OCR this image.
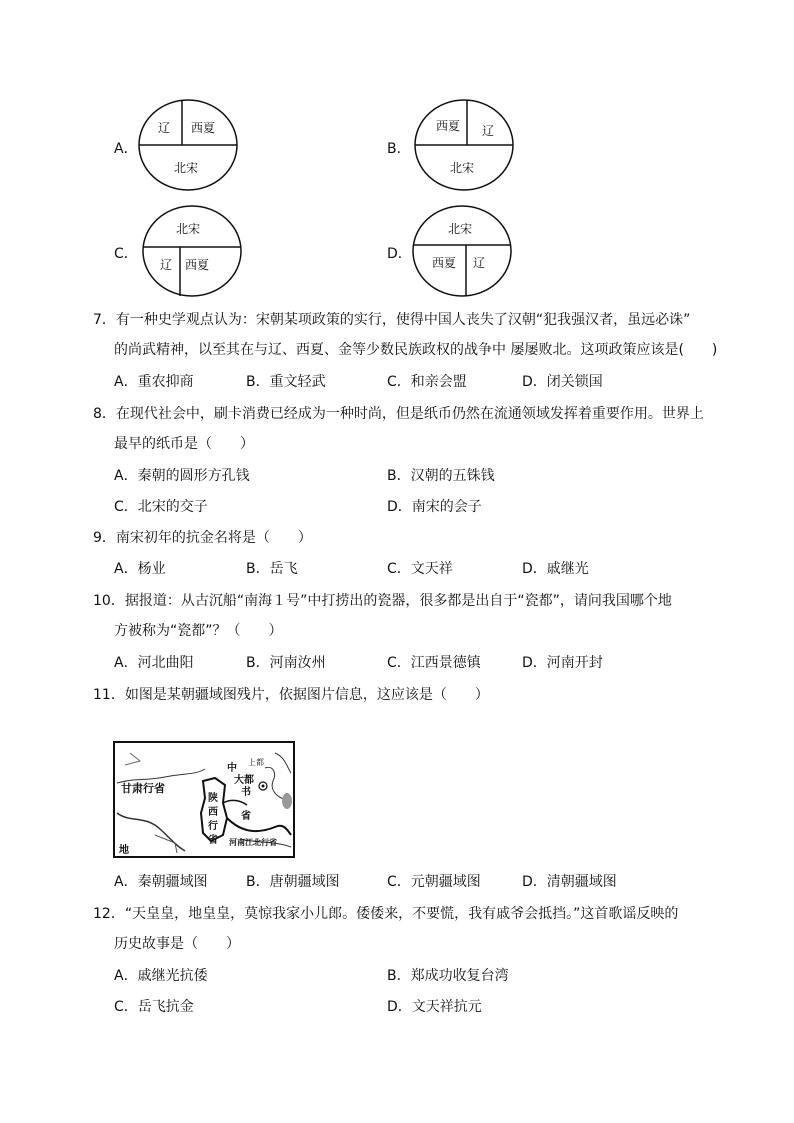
A．
辽 西夏
北宋
B．
西夏 辽
北宋
C．
北宋
辽 西夏
D．
北宋
西夏 辽
7．有一种史学观点认为：宋朝某项政策的实行，使得中国人丧失了汉朝“犯我强汉者，虽远必诛”
的尚武精神，以至其在与辽、西夏、金等少数民族政权的战争中 屡屡败北。这项政策应该是(　　)
A．重农抑商	B．重文轻武	C．和亲会盟	D．闭关锁国
8．在现代社会中，刷卡消费已经成为一种时尚，但是纸币仍然在流通领域发挥着重要作用。世界上
最早的纸币是（　　）
A．秦朝的圆形方孔钱	B．汉朝的五铢钱
C．北宋的交子	D．南宋的会子
9．南宋初年的抗金名将是（　　）
A．杨业	B．岳飞	C．文天祥	D．戚继光
10．据报道：从古沉船“南海１号”中打捞出的瓷器，很多都是出自于“瓷都”，请问我国哪个地
方被称为“瓷都”？（　　）
A．河北曲阳	B．河南汝州	C．江西景德镇	D．河南开封
11．如图是某朝疆域图残片，依据图片信息，这应该是（　　）
甘肃行省
陕
西
行
省
中
大都
书
省
上都
河南江北行省
地
A．秦朝疆域图	B．唐朝疆域图	C．元朝疆域图	D．清朝疆域图
12．“天皇皇，地皇皇，莫惊我家小儿郎。倭倭来，不要慌，我有戚爷会抵挡。”这首歌谣反映的
历史故事是（　　）
A．戚继光抗倭	B．郑成功收复台湾
C．岳飞抗金	D．文天祥抗元
